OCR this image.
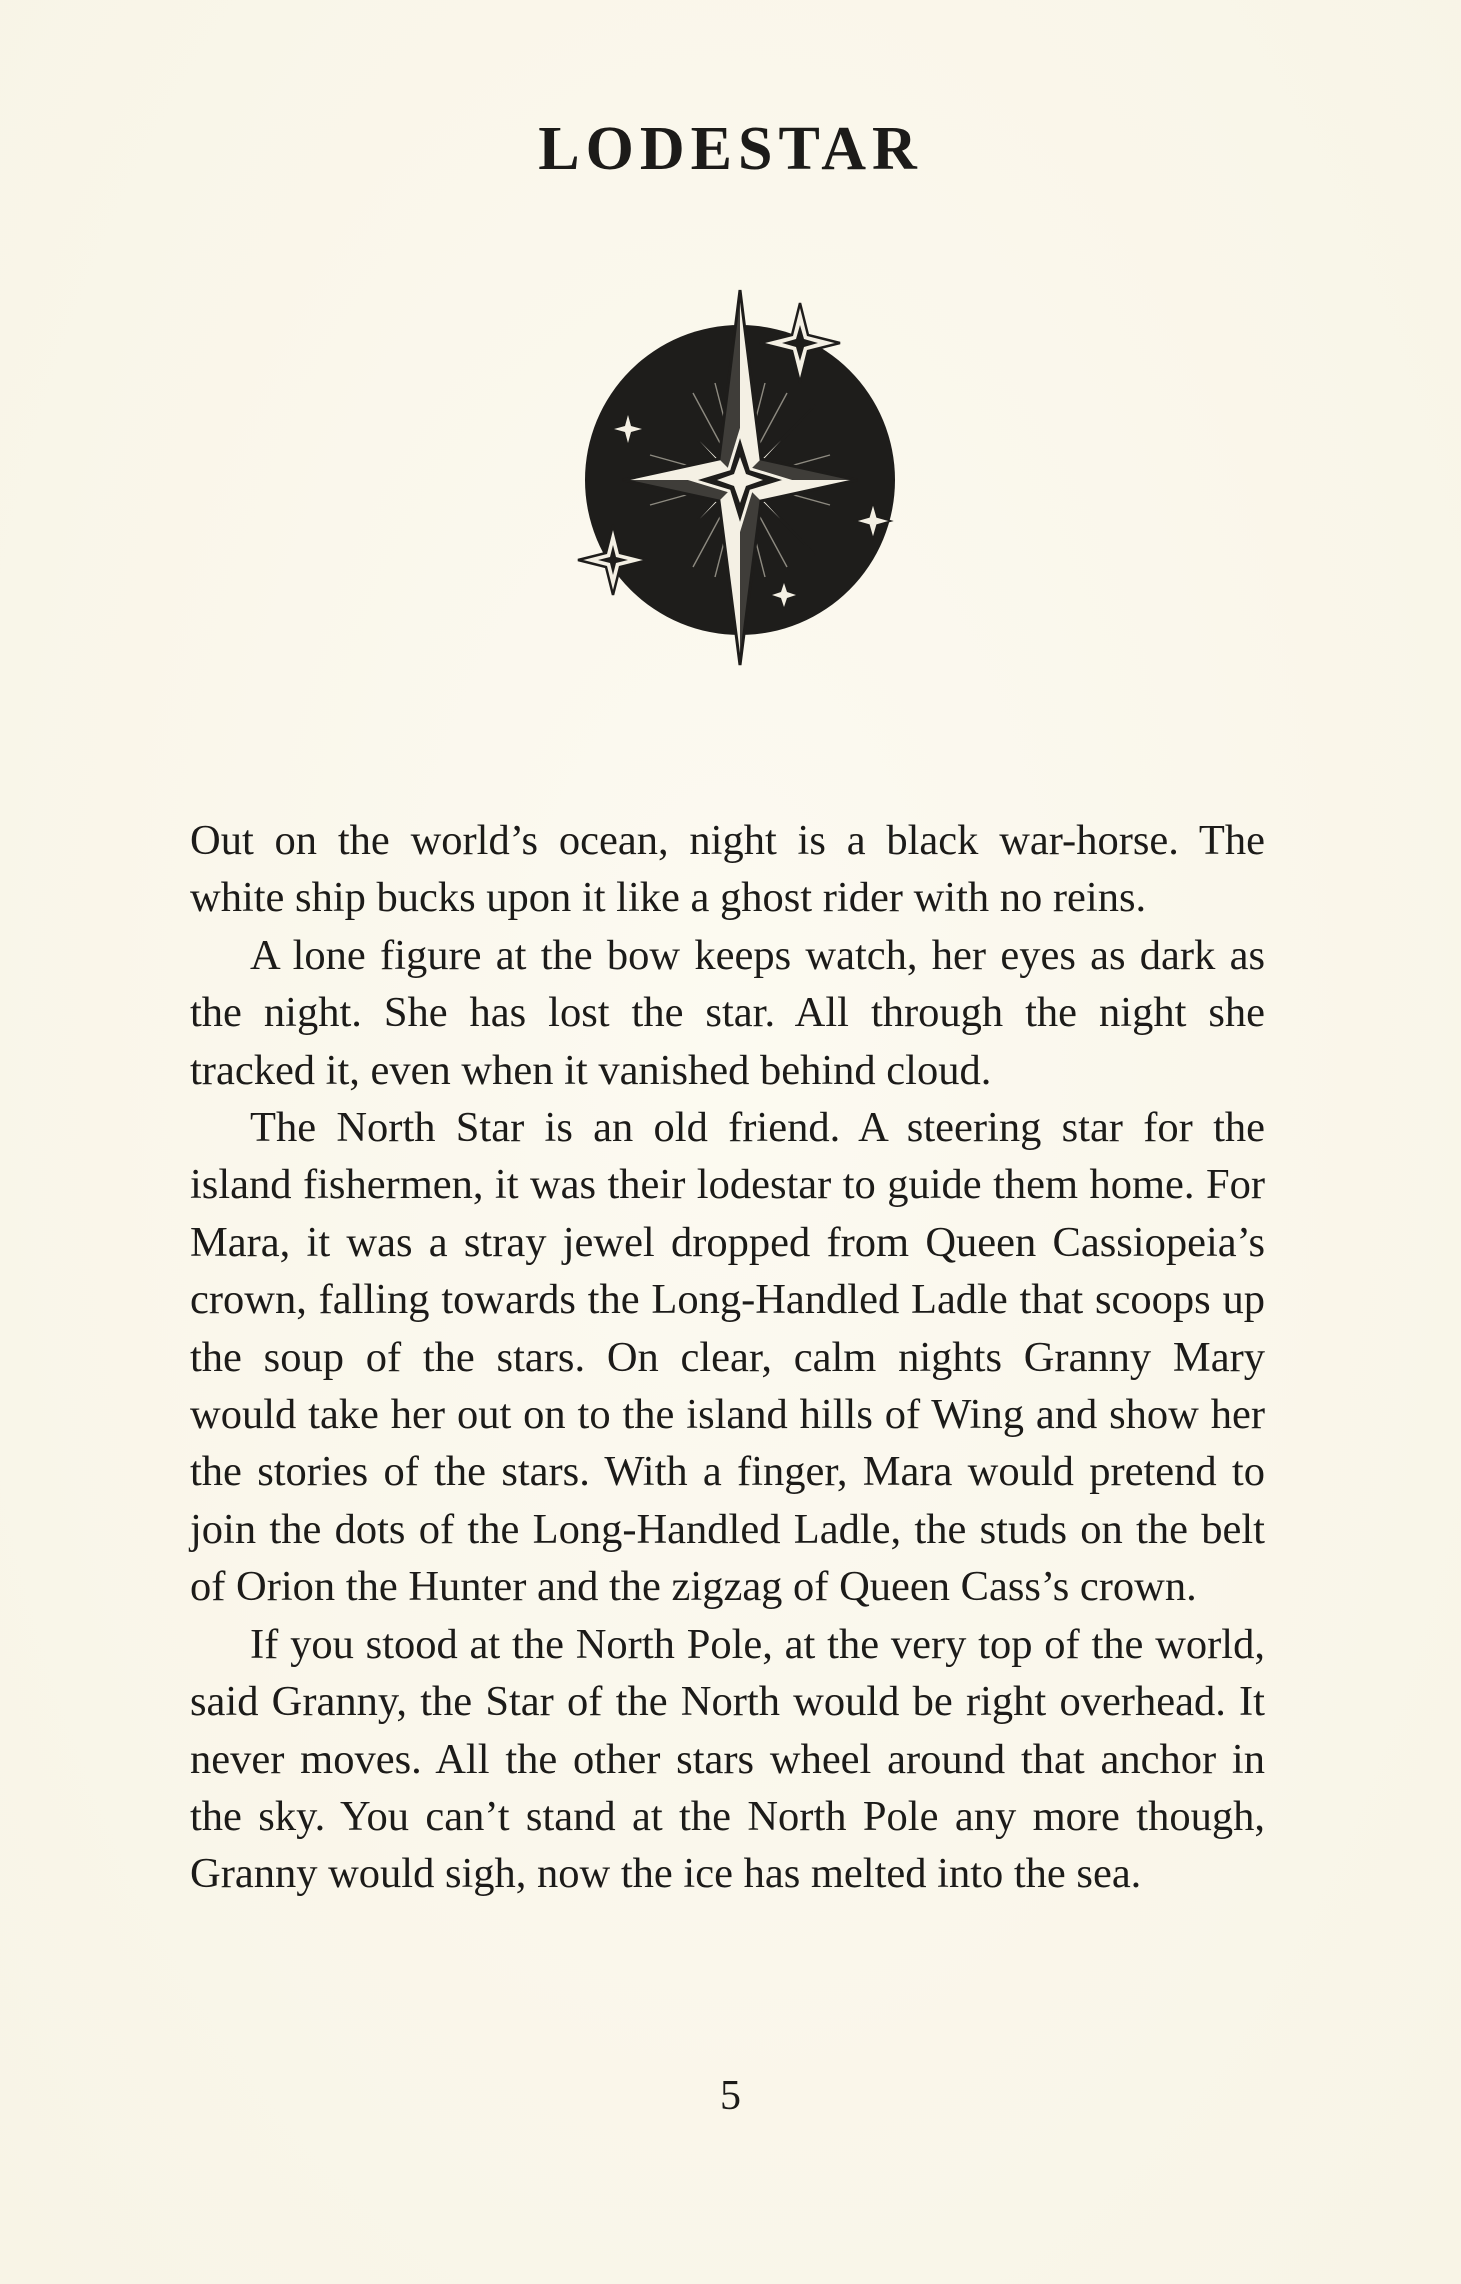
LODESTAR

Out on the world’s ocean, night is a black war-horse. The white ship bucks upon it like a ghost rider with no reins.

A lone figure at the bow keeps watch, her eyes as dark as the night. She has lost the star. All through the night she tracked it, even when it vanished behind cloud.

The North Star is an old friend. A steering star for the island fishermen, it was their lodestar to guide them home. For Mara, it was a stray jewel dropped from Queen Cassiopeia’s crown, falling towards the Long-Handled Ladle that scoops up the soup of the stars. On clear, calm nights Granny Mary would take her out on to the island hills of Wing and show her the stories of the stars. With a finger, Mara would pretend to join the dots of the Long-Handled Ladle, the studs on the belt of Orion the Hunter and the zigzag of Queen Cass’s crown.

If you stood at the North Pole, at the very top of the world, said Granny, the Star of the North would be right overhead. It never moves. All the other stars wheel around that anchor in the sky. You can’t stand at the North Pole any more though, Granny would sigh, now the ice has melted into the sea.

5
